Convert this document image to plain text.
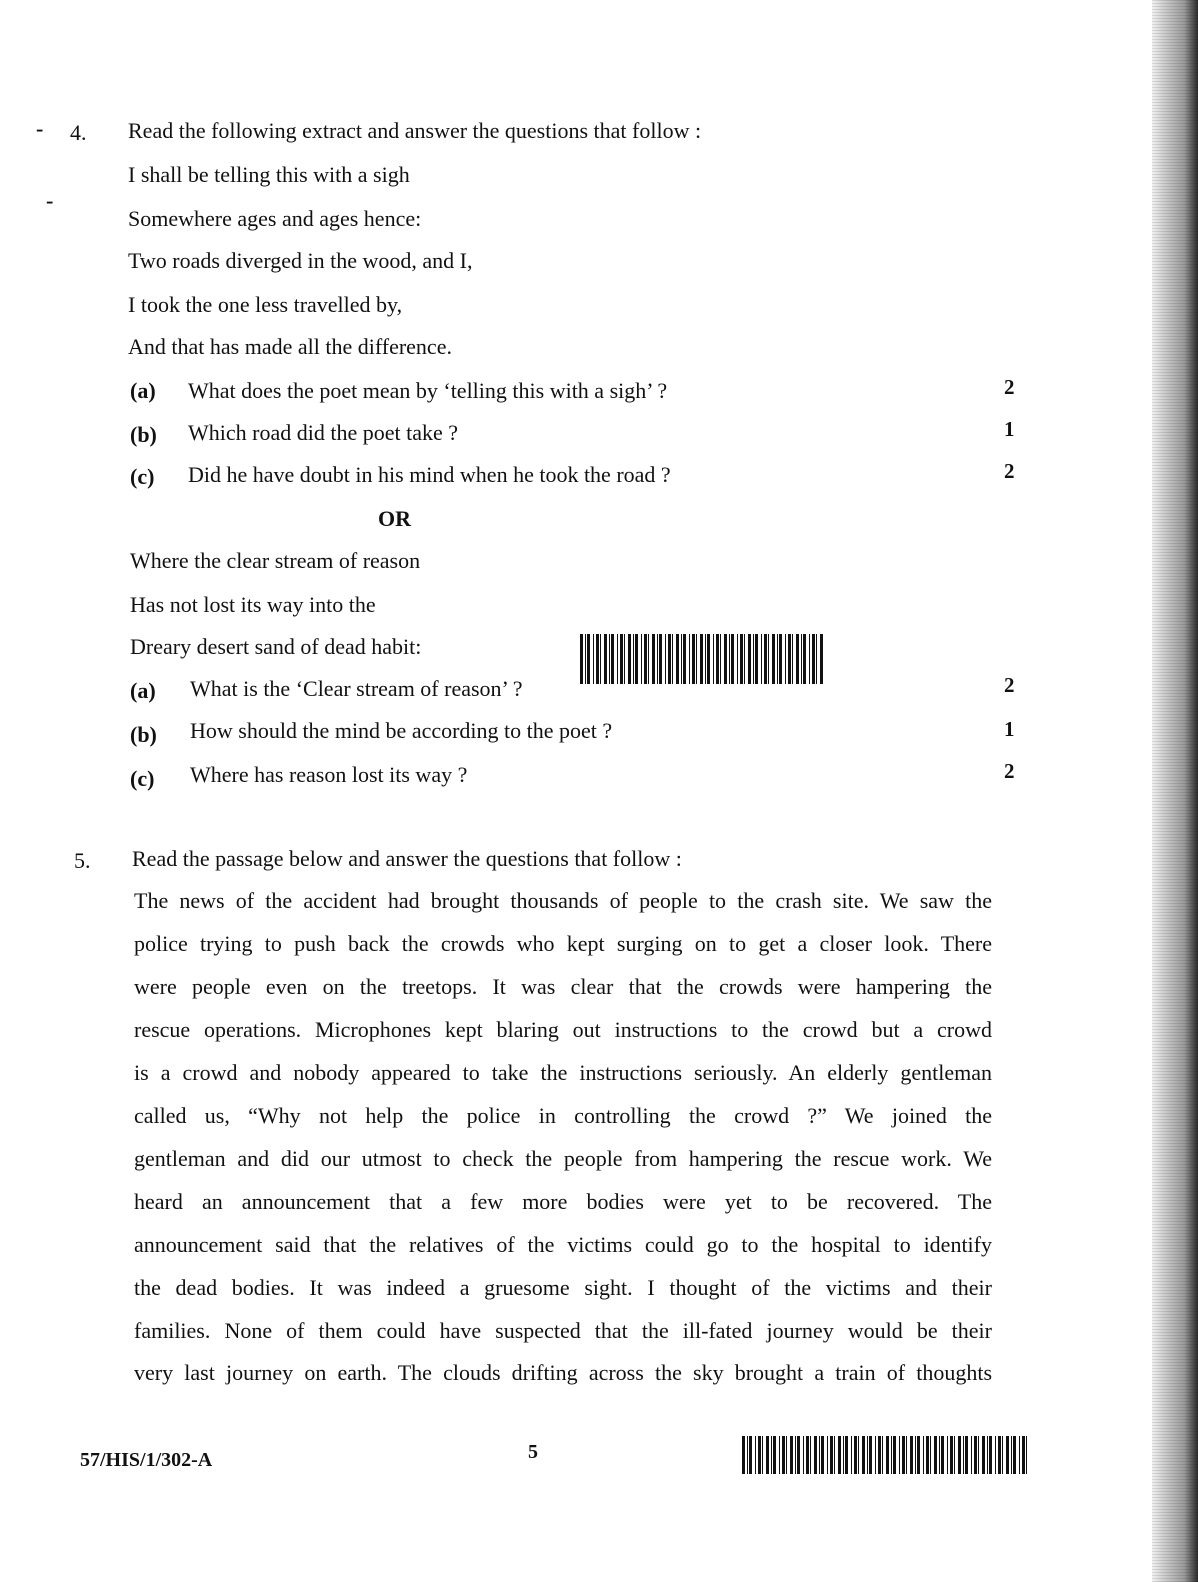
-
-
4. Read the following extract and answer the questions that follow :
I shall be telling this with a sigh
Somewhere ages and ages hence:
Two roads diverged in the wood, and I,
I took the one less travelled by,
And that has made all the difference.
(a) What does the poet mean by ‘telling this with a sigh’ ?	2
(b) Which road did the poet take ?	1
(c) Did he have doubt in his mind when he took the road ?	2
OR
Where the clear stream of reason
Has not lost its way into the
Dreary desert sand of dead habit:
(a) What is the ‘Clear stream of reason’ ?	2
(b) How should the mind be according to the poet ?	1
(c) Where has reason lost its way ?	2
5. Read the passage below and answer the questions that follow :
The news of the accident had brought thousands of people to the crash site. We saw the
police trying to push back the crowds who kept surging on to get a closer look. There
were people even on the treetops. It was clear that the crowds were hampering the
rescue operations. Microphones kept blaring out instructions to the crowd but a crowd
is a crowd and nobody appeared to take the instructions seriously. An elderly gentleman
called us, “Why not help the police in controlling the crowd ?” We joined the
gentleman and did our utmost to check the people from hampering the rescue work. We
heard an announcement that a few more bodies were yet to be recovered. The
announcement said that the relatives of the victims could go to the hospital to identify
the dead bodies. It was indeed a gruesome sight. I thought of the victims and their
families. None of them could have suspected that the ill-fated journey would be their
very last journey on earth. The clouds drifting across the sky brought a train of thoughts
57/HIS/1/302-A	5
